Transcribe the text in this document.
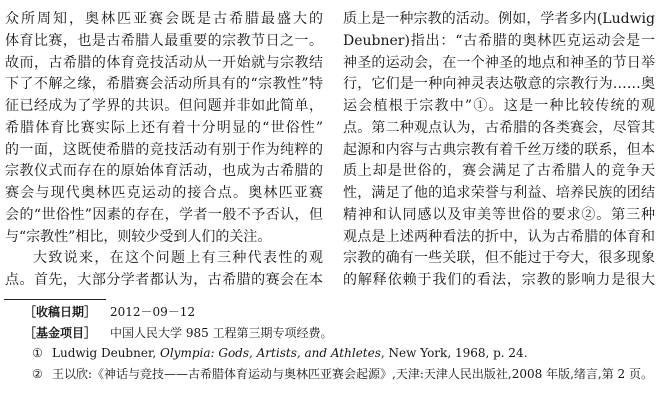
众所周知，奥林匹亚赛会既是古希腊最盛大的
体育比赛，也是古希腊人最重要的宗教节日之一。
故而，古希腊的体育竞技活动从一开始就与宗教结
下了不解之缘，希腊赛会活动所具有的“宗教性”特
征已经成为了学界的共识。但问题并非如此简单，
希腊体育比赛实际上还有着十分明显的“世俗性”
的一面，这既使希腊的竞技活动有别于作为纯粹的
宗教仪式而存在的原始体育活动，也成为古希腊的
赛会与现代奥林匹克运动的接合点。奥林匹亚赛
会的“世俗性”因素的存在，学者一般不予否认，但
与“宗教性”相比，则较少受到人们的关注。
大致说来，在这个问题上有三种代表性的观
点。首先，大部分学者都认为，古希腊的赛会在本
质上是一种宗教的活动。例如，学者多内(Ludwig
Deubner)指出：“古希腊的奥林匹克运动会是一
神圣的运动会，在一个神圣的地点和神圣的节日举
行，它们是一种向神灵表达敬意的宗教行为……奥
运会植根于宗教中”①。这是一种比较传统的观
点。第二种观点认为，古希腊的各类赛会，尽管其
起源和内容与古典宗教有着千丝万缕的联系，但本
质上却是世俗的，赛会满足了古希腊人的竞争天
性，满足了他的追求荣誉与利益、培养民族的团结
精神和认同感以及审美等世俗的要求②。第三种
观点是上述两种看法的折中，认为古希腊的体育和
宗教的确有一些关联，但不能过于夸大，很多现象
的解释依赖于我们的看法，宗教的影响力是很大
［收稿日期］ 2012－09－12
［基金项目］ 中国人民大学 985 工程第三期专项经费。
① Ludwig Deubner, Olympia: Gods, Artists, and Athletes, New York, 1968, p. 24.
② 王以欣:《神话与竞技——古希腊体育运动与奥林匹亚赛会起源》,天津:天津人民出版社,2008 年版,绪言,第 2 页。
